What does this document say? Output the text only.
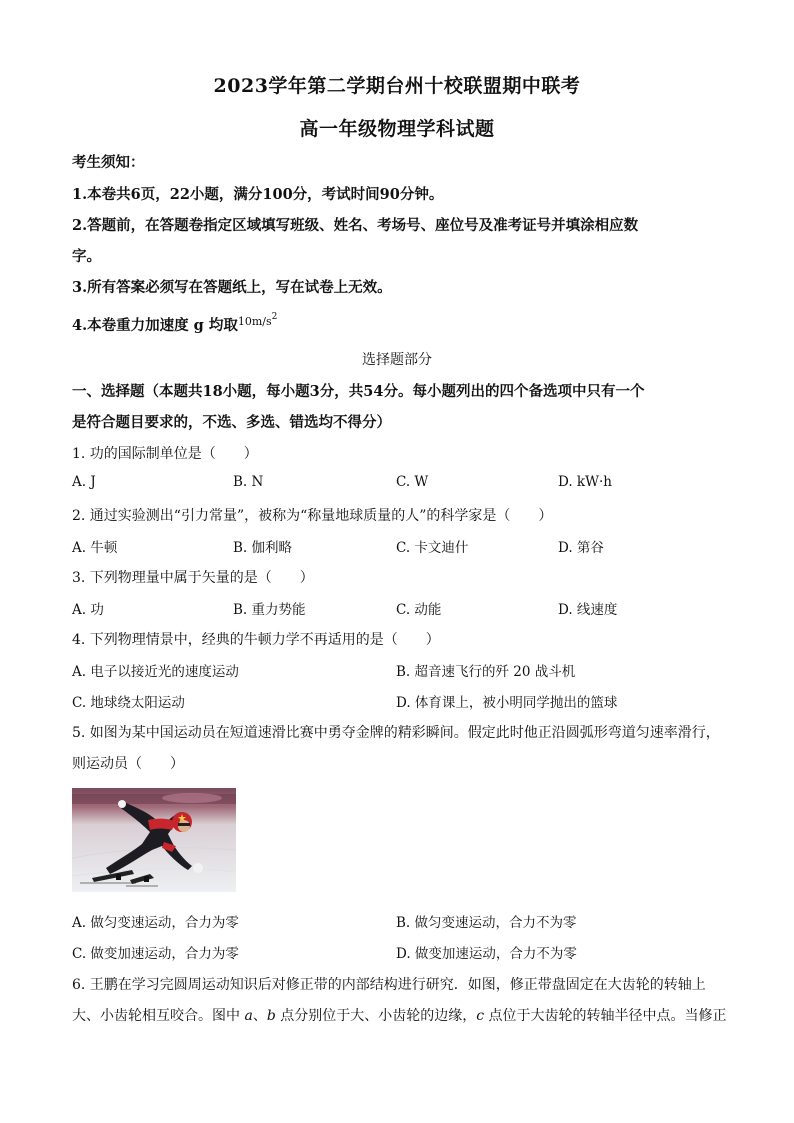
2023学年第二学期台州十校联盟期中联考
高一年级物理学科试题
考生须知：
1.本卷共6页，22小题，满分100分，考试时间90分钟。
2.答题前，在答题卷指定区域填写班级、姓名、考场号、座位号及准考证号并填涂相应数
字。
3.所有答案必须写在答题纸上，写在试卷上无效。
4.本卷重力加速度 g 均取$^{10m/s2}$
选择题部分
一、选择题（本题共18小题，每小题3分，共54分。每小题列出的四个备选项中只有一个
是符合题目要求的，不选、多选、错选均不得分）
1. 功的国际制单位是（　　）
A. J	B. N	C. W	D. kW·h
2. 通过实验测出“引力常量”，被称为“称量地球质量的人”的科学家是（　　）
A. 牛顿	B. 伽利略	C. 卡文迪什	D. 第谷
3. 下列物理量中属于矢量的是（　　）
A. 功	B. 重力势能	C. 动能	D. 线速度
4. 下列物理情景中，经典的牛顿力学不再适用的是（　　）
A. 电子以接近光的速度运动	B. 超音速飞行的歼 20 战斗机
C. 地球绕太阳运动	D. 体育课上，被小明同学抛出的篮球
5. 如图为某中国运动员在短道速滑比赛中勇夺金牌的精彩瞬间。假定此时他正沿圆弧形弯道匀速率滑行，
则运动员（　　）
A. 做匀变速运动，合力为零	B. 做匀变速运动，合力不为零
C. 做变加速运动，合力为零	D. 做变加速运动，合力不为零
6. 王鹏在学习完圆周运动知识后对修正带的内部结构进行研究．如图，修正带盘固定在大齿轮的转轴上
大、小齿轮相互咬合。图中 a、b 点分别位于大、小齿轮的边缘，c 点位于大齿轮的转轴半径中点。当修正
